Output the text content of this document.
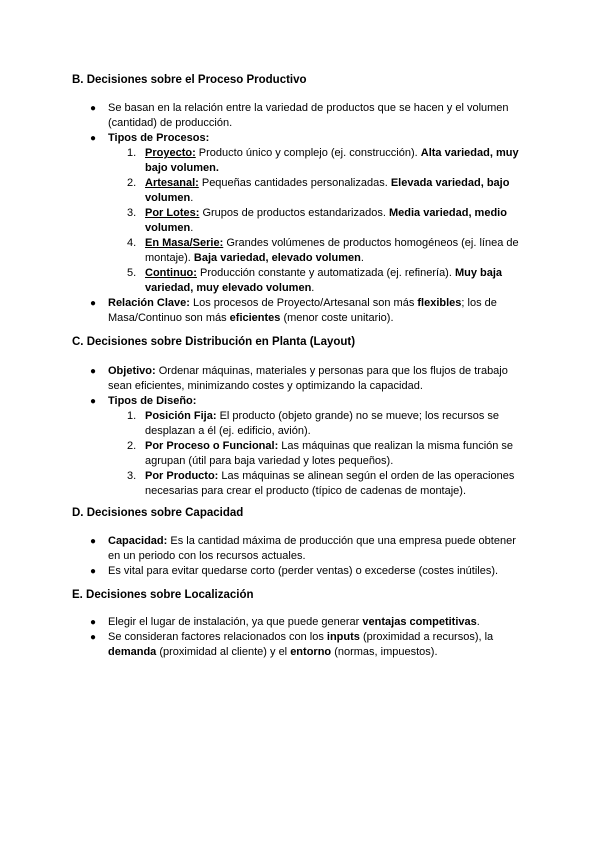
B. Decisiones sobre el Proceso Productivo
● Se basan en la relación entre la variedad de productos que se hacen y el volumen
(cantidad) de producción.
● Tipos de Procesos:
1. Proyecto: Producto único y complejo (ej. construcción). Alta variedad, muy
bajo volumen.
2. Artesanal: Pequeñas cantidades personalizadas. Elevada variedad, bajo
volumen.
3. Por Lotes: Grupos de productos estandarizados. Media variedad, medio
volumen.
4. En Masa/Serie: Grandes volúmenes de productos homogéneos (ej. línea de
montaje). Baja variedad, elevado volumen.
5. Continuo: Producción constante y automatizada (ej. refinería). Muy baja
variedad, muy elevado volumen.
● Relación Clave: Los procesos de Proyecto/Artesanal son más flexibles; los de
Masa/Continuo son más eficientes (menor coste unitario).
C. Decisiones sobre Distribución en Planta (Layout)
● Objetivo: Ordenar máquinas, materiales y personas para que los flujos de trabajo
sean eficientes, minimizando costes y optimizando la capacidad.
● Tipos de Diseño:
1. Posición Fija: El producto (objeto grande) no se mueve; los recursos se
desplazan a él (ej. edificio, avión).
2. Por Proceso o Funcional: Las máquinas que realizan la misma función se
agrupan (útil para baja variedad y lotes pequeños).
3. Por Producto: Las máquinas se alinean según el orden de las operaciones
necesarias para crear el producto (típico de cadenas de montaje).
D. Decisiones sobre Capacidad
● Capacidad: Es la cantidad máxima de producción que una empresa puede obtener
en un periodo con los recursos actuales.
● Es vital para evitar quedarse corto (perder ventas) o excederse (costes inútiles).
E. Decisiones sobre Localización
● Elegir el lugar de instalación, ya que puede generar ventajas competitivas.
● Se consideran factores relacionados con los inputs (proximidad a recursos), la
demanda (proximidad al cliente) y el entorno (normas, impuestos).
